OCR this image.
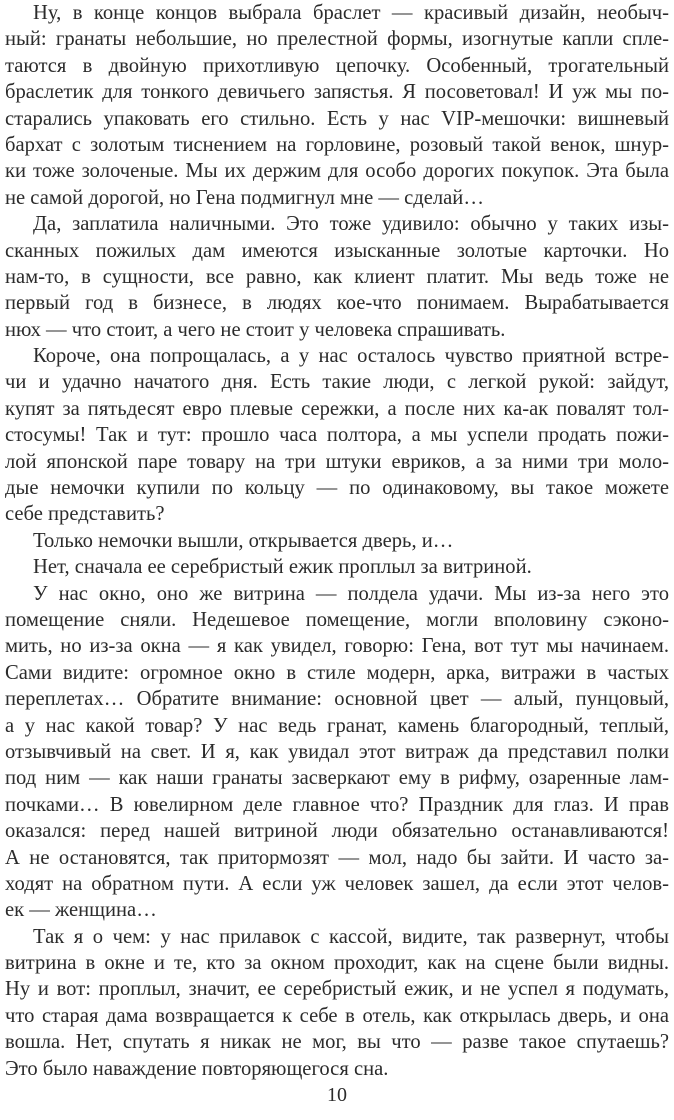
Ну, в конце концов выбрала браслет — красивый дизайн, необыч-
ный: гранаты небольшие, но прелестной формы, изогнутые капли сплe-
таются в двойную прихотливую цепочку. Особенный, трогательный
браслетик для тонкого девичьего запястья. Я посоветовал! И уж мы по-
старались упаковать его стильно. Есть у нас VIP-мешочки: вишневый
бархат с золотым тиснением на горловине, розовый такой венок, шнур-
ки тоже золоченые. Мы их держим для особо дорогих покупок. Эта была
не самой дорогой, но Гена подмигнул мне — сделай…
Да, заплатила наличными. Это тоже удивило: обычно у таких изы-
сканных пожилых дам имеются изысканные золотые карточки. Но
нам-то, в сущности, все равно, как клиент платит. Мы ведь тоже не
первый год в бизнесе, в людях кое-что понимаем. Вырабатывается
нюх — что стоит, а чего не стоит у человека спрашивать.
Короче, она попрощалась, а у нас осталось чувство приятной встре-
чи и удачно начатого дня. Есть такие люди, с легкой рукой: зайдут,
купят за пятьдесят евро плевые сережки, а после них ка-ак повалят тол-
стосумы! Так и тут: прошло часа полтора, а мы успели продать пожи-
лой японской паре товару на три штуки евриков, а за ними три моло-
дые немочки купили по кольцу — по одинаковому, вы такое можете
себе представить?
Только немочки вышли, открывается дверь, и…
Нет, сначала ее серебристый ежик проплыл за витриной.
У нас окно, оно же витрина — полдела удачи. Мы из-за него это
помещение сняли. Недешевое помещение, могли вполовину сэконо-
мить, но из-за окна — я как увидел, говорю: Гена, вот тут мы начинаем.
Сами видите: огромное окно в стиле модерн, арка, витражи в частых
переплетах… Обратите внимание: основной цвет — алый, пунцовый,
а у нас какой товар? У нас ведь гранат, камень благородный, теплый,
отзывчивый на свет. И я, как увидал этот витраж да представил полки
под ним — как наши гранаты засверкают ему в рифму, озаренные лам-
почками… В ювелирном деле главное что? Праздник для глаз. И прав
оказался: перед нашей витриной люди обязательно останавливаются!
А не остановятся, так притормозят — мол, надо бы зайти. И часто за-
ходят на обратном пути. А если уж человек зашел, да если этот челов-
ек — женщина…
Так я о чем: у нас прилавок с кассой, видите, так развернут, чтобы
витрина в окне и те, кто за окном проходит, как на сцене были видны.
Ну и вот: проплыл, значит, ее серебристый ежик, и не успел я подумать,
что старая дама возвращается к себе в отель, как открылась дверь, и она
вошла. Нет, спутать я никак не мог, вы что — разве такое спутаешь?
Это было наваждение повторяющегося сна.
10
